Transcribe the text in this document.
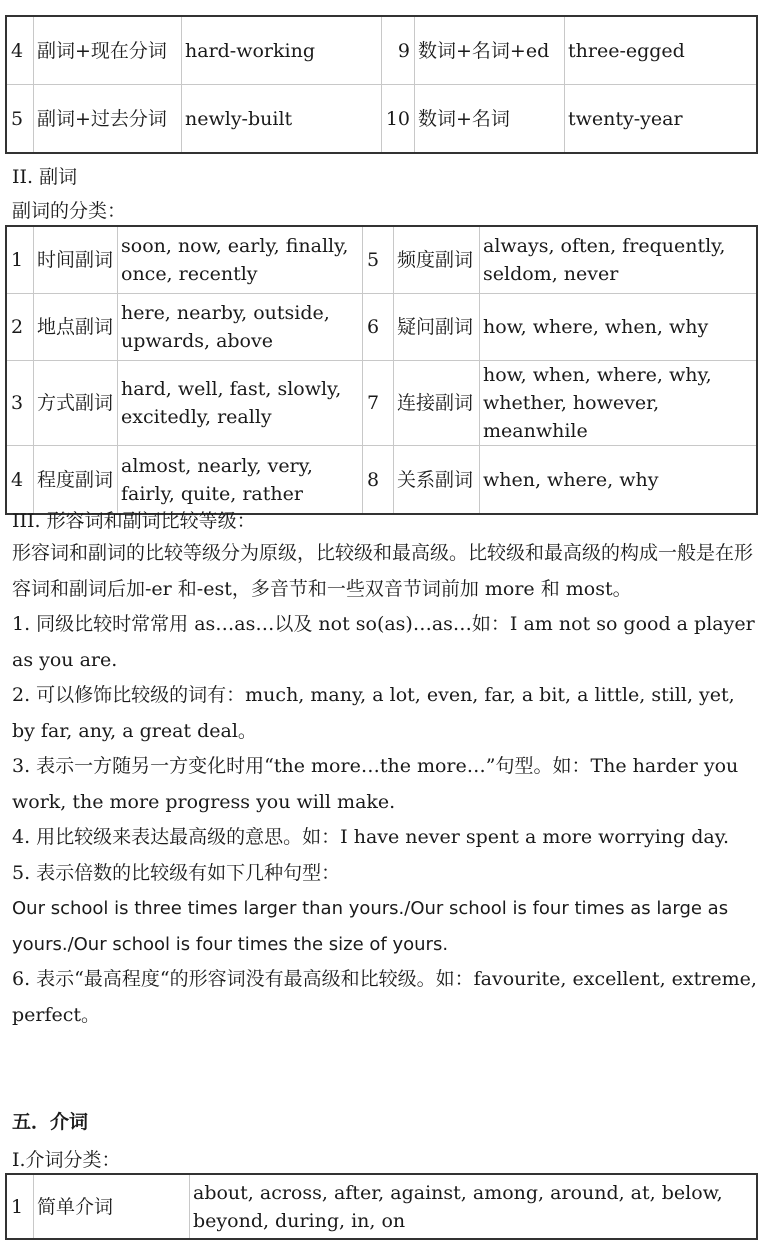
4	副词+现在分词	hard-working	9	数词+名词+ed	three-egged
5	副词+过去分词	newly-built	10	数词+名词	twenty-year
II. 副词
副词的分类：
1	时间副词	soon, now, early, finally, once, recently	5	频度副词	always, often, frequently, seldom, never
2	地点副词	here, nearby, outside, upwards, above	6	疑问副词	how, where, when, why
3	方式副词	hard, well, fast, slowly, excitedly, really	7	连接副词	how, when, where, why, whether, however, meanwhile
4	程度副词	almost, nearly, very, fairly, quite, rather	8	关系副词	when, where, why
III. 形容词和副词比较等级：

形容词和副词的比较等级分为原级，比较级和最高级。比较级和最高级的构成一般是在形容词和副词后加-er 和-est，多音节和一些双音节词前加 more 和 most。

1. 同级比较时常常用 as…as…以及 not so(as)…as…如：I am not so good a player as you are.

2. 可以修饰比较级的词有：much, many, a lot, even, far, a bit, a little, still, yet, by far, any, a great deal。

3. 表示一方随另一方变化时用“the more…the more…”句型。如：The harder you work, the more progress you will make.

4. 用比较级来表达最高级的意思。如：I have never spent a more worrying day.

5. 表示倍数的比较级有如下几种句型：

Our school is three times larger than yours./Our school is four times as large as yours./Our school is four times the size of yours.

6. 表示“最高程度“的形容词没有最高级和比较级。如：favourite, excellent, extreme, perfect。

五．介词
I.介词分类：
1	简单介词	about, across, after, against, among, around, at, below, beyond, during, in, on
